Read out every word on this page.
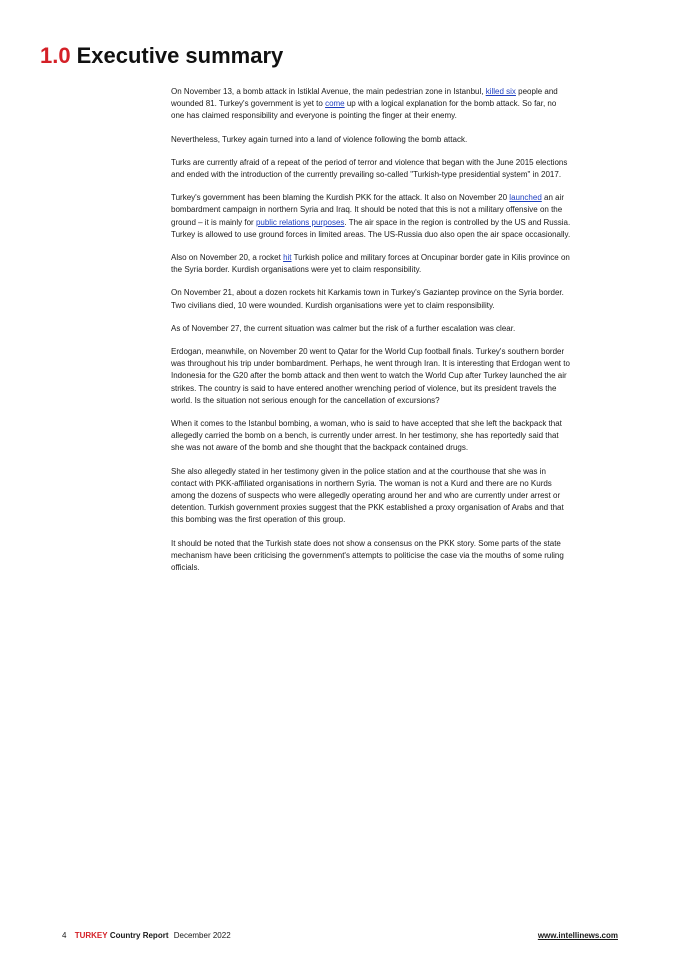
1.0 Executive summary

On November 13, a bomb attack in Istiklal Avenue, the main pedestrian zone in Istanbul, killed six people and wounded 81. Turkey's government is yet to come up with a logical explanation for the bomb attack. So far, no one has claimed responsibility and everyone is pointing the finger at their enemy.

Nevertheless, Turkey again turned into a land of violence following the bomb attack.

Turks are currently afraid of a repeat of the period of terror and violence that began with the June 2015 elections and ended with the introduction of the currently prevailing so-called "Turkish-type presidential system" in 2017.

Turkey's government has been blaming the Kurdish PKK for the attack. It also on November 20 launched an air bombardment campaign in northern Syria and Iraq. It should be noted that this is not a military offensive on the ground – it is mainly for public relations purposes. The air space in the region is controlled by the US and Russia. Turkey is allowed to use ground forces in limited areas. The US-Russia duo also open the air space occasionally.

Also on November 20, a rocket hit Turkish police and military forces at Oncupinar border gate in Kilis province on the Syria border. Kurdish organisations were yet to claim responsibility.

On November 21, about a dozen rockets hit Karkamis town in Turkey's Gaziantep province on the Syria border. Two civilians died, 10 were wounded. Kurdish organisations were yet to claim responsibility.

As of November 27, the current situation was calmer but the risk of a further escalation was clear.

Erdogan, meanwhile, on November 20 went to Qatar for the World Cup football finals. Turkey's southern border was throughout his trip under bombardment. Perhaps, he went through Iran. It is interesting that Erdogan went to Indonesia for the G20 after the bomb attack and then went to watch the World Cup after Turkey launched the air strikes. The country is said to have entered another wrenching period of violence, but its president travels the world. Is the situation not serious enough for the cancellation of excursions?

When it comes to the Istanbul bombing, a woman, who is said to have accepted that she left the backpack that allegedly carried the bomb on a bench, is currently under arrest. In her testimony, she has reportedly said that she was not aware of the bomb and she thought that the backpack contained drugs.

She also allegedly stated in her testimony given in the police station and at the courthouse that she was in contact with PKK-affiliated organisations in northern Syria. The woman is not a Kurd and there are no Kurds among the dozens of suspects who were allegedly operating around her and who are currently under arrest or detention. Turkish government proxies suggest that the PKK established a proxy organisation of Arabs and that this bombing was the first operation of this group.

It should be noted that the Turkish state does not show a consensus on the PKK story. Some parts of the state mechanism have been criticising the government's attempts to politicise the case via the mouths of some ruling officials.

4 TURKEY Country Report December 2022	www.intellinews.com
